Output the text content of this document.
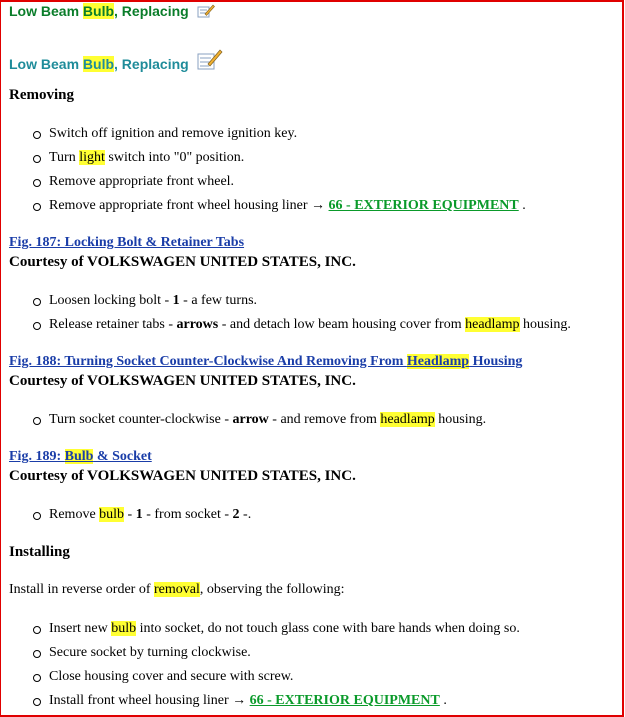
Low Beam Bulb, Replacing
Low Beam Bulb, Replacing
Removing
Switch off ignition and remove ignition key.
Turn light switch into "0" position.
Remove appropriate front wheel.
Remove appropriate front wheel housing liner → 66 - EXTERIOR EQUIPMENT .
Fig. 187: Locking Bolt & Retainer Tabs
Courtesy of VOLKSWAGEN UNITED STATES, INC.
Loosen locking bolt - 1 - a few turns.
Release retainer tabs - arrows - and detach low beam housing cover from headlamp housing.
Fig. 188: Turning Socket Counter-Clockwise And Removing From Headlamp Housing
Courtesy of VOLKSWAGEN UNITED STATES, INC.
Turn socket counter-clockwise - arrow - and remove from headlamp housing.
Fig. 189: Bulb & Socket
Courtesy of VOLKSWAGEN UNITED STATES, INC.
Remove bulb - 1 - from socket - 2 -.
Installing
Install in reverse order of removal, observing the following:
Insert new bulb into socket, do not touch glass cone with bare hands when doing so.
Secure socket by turning clockwise.
Close housing cover and secure with screw.
Install front wheel housing liner → 66 - EXTERIOR EQUIPMENT .
